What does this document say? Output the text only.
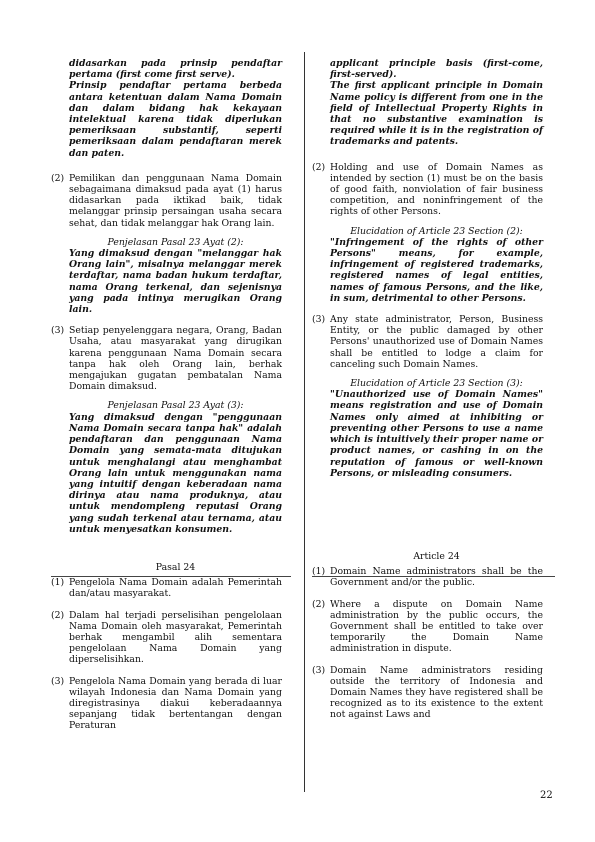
didasarkan pada prinsip pendaftar pertama (first come first serve).

Prinsip pendaftar pertama berbeda antara ketentuan dalam Nama Domain dan dalam bidang hak kekayaan intelektual karena tidak diperlukan pemeriksaan substantif, seperti pemeriksaan dalam pendaftaran merek dan paten.

(2) Pemilikan dan penggunaan Nama Domain sebagaimana dimaksud pada ayat (1) harus didasarkan pada iktikad baik, tidak melanggar prinsip persaingan usaha secara sehat, dan tidak melanggar hak Orang lain.

Penjelasan Pasal 23 Ayat (2):

Yang dimaksud dengan "melanggar hak Orang lain", misalnya melanggar merek terdaftar, nama badan hukum terdaftar, nama Orang terkenal, dan sejenisnya yang pada intinya merugikan Orang lain.

(3) Setiap penyelenggara negara, Orang, Badan Usaha, atau masyarakat yang dirugikan karena penggunaan Nama Domain secara tanpa hak oleh Orang lain, berhak mengajukan gugatan pembatalan Nama Domain dimaksud.

Penjelasan Pasal 23 Ayat (3):

Yang dimaksud dengan "penggunaan Nama Domain secara tanpa hak" adalah pendaftaran dan penggunaan Nama Domain yang semata-mata ditujukan untuk menghalangi atau menghambat Orang lain untuk menggunakan nama yang intuitif dengan keberadaan nama dirinya atau nama produknya, atau untuk mendompleng reputasi Orang yang sudah terkenal atau ternama, atau untuk menyesatkan konsumen.

Pasal 24

(1) Pengelola Nama Domain adalah Pemerintah dan/atau masyarakat.

(2) Dalam hal terjadi perselisihan pengelolaan Nama Domain oleh masyarakat, Pemerintah berhak mengambil alih sementara pengelolaan Nama Domain yang diperselisihkan.

(3) Pengelola Nama Domain yang berada di luar wilayah Indonesia dan Nama Domain yang diregistrasinya diakui keberadaannya sepanjang tidak bertentangan dengan Peraturan

applicant principle basis (first-come, first-served).

The first applicant principle in Domain Name policy is different from one in the field of Intellectual Property Rights in that no substantive examination is required while it is in the registration of trademarks and patents.

(2) Holding and use of Domain Names as intended by section (1) must be on the basis of good faith, nonviolation of fair business competition, and noninfringement of the rights of other Persons.

Elucidation of Article 23 Section (2):

"Infringement of the rights of other Persons" means, for example, infringement of registered trademarks, registered names of legal entities, names of famous Persons, and the like, in sum, detrimental to other Persons.

(3) Any state administrator, Person, Business Entity, or the public damaged by other Persons' unauthorized use of Domain Names shall be entitled to lodge a claim for canceling such Domain Names.

Elucidation of Article 23 Section (3):

"Unauthorized use of Domain Names" means registration and use of Domain Names only aimed at inhibiting or preventing other Persons to use a name which is intuitively their proper name or product names, or cashing in on the reputation of famous or well-known Persons, or misleading consumers.

Article 24

(1) Domain Name administrators shall be the Government and/or the public.

(2) Where a dispute on Domain Name administration by the public occurs, the Government shall be entitled to take over temporarily the Domain Name administration in dispute.

(3) Domain Name administrators residing outside the territory of Indonesia and Domain Names they have registered shall be recognized as to its existence to the extent not against Laws and

22
